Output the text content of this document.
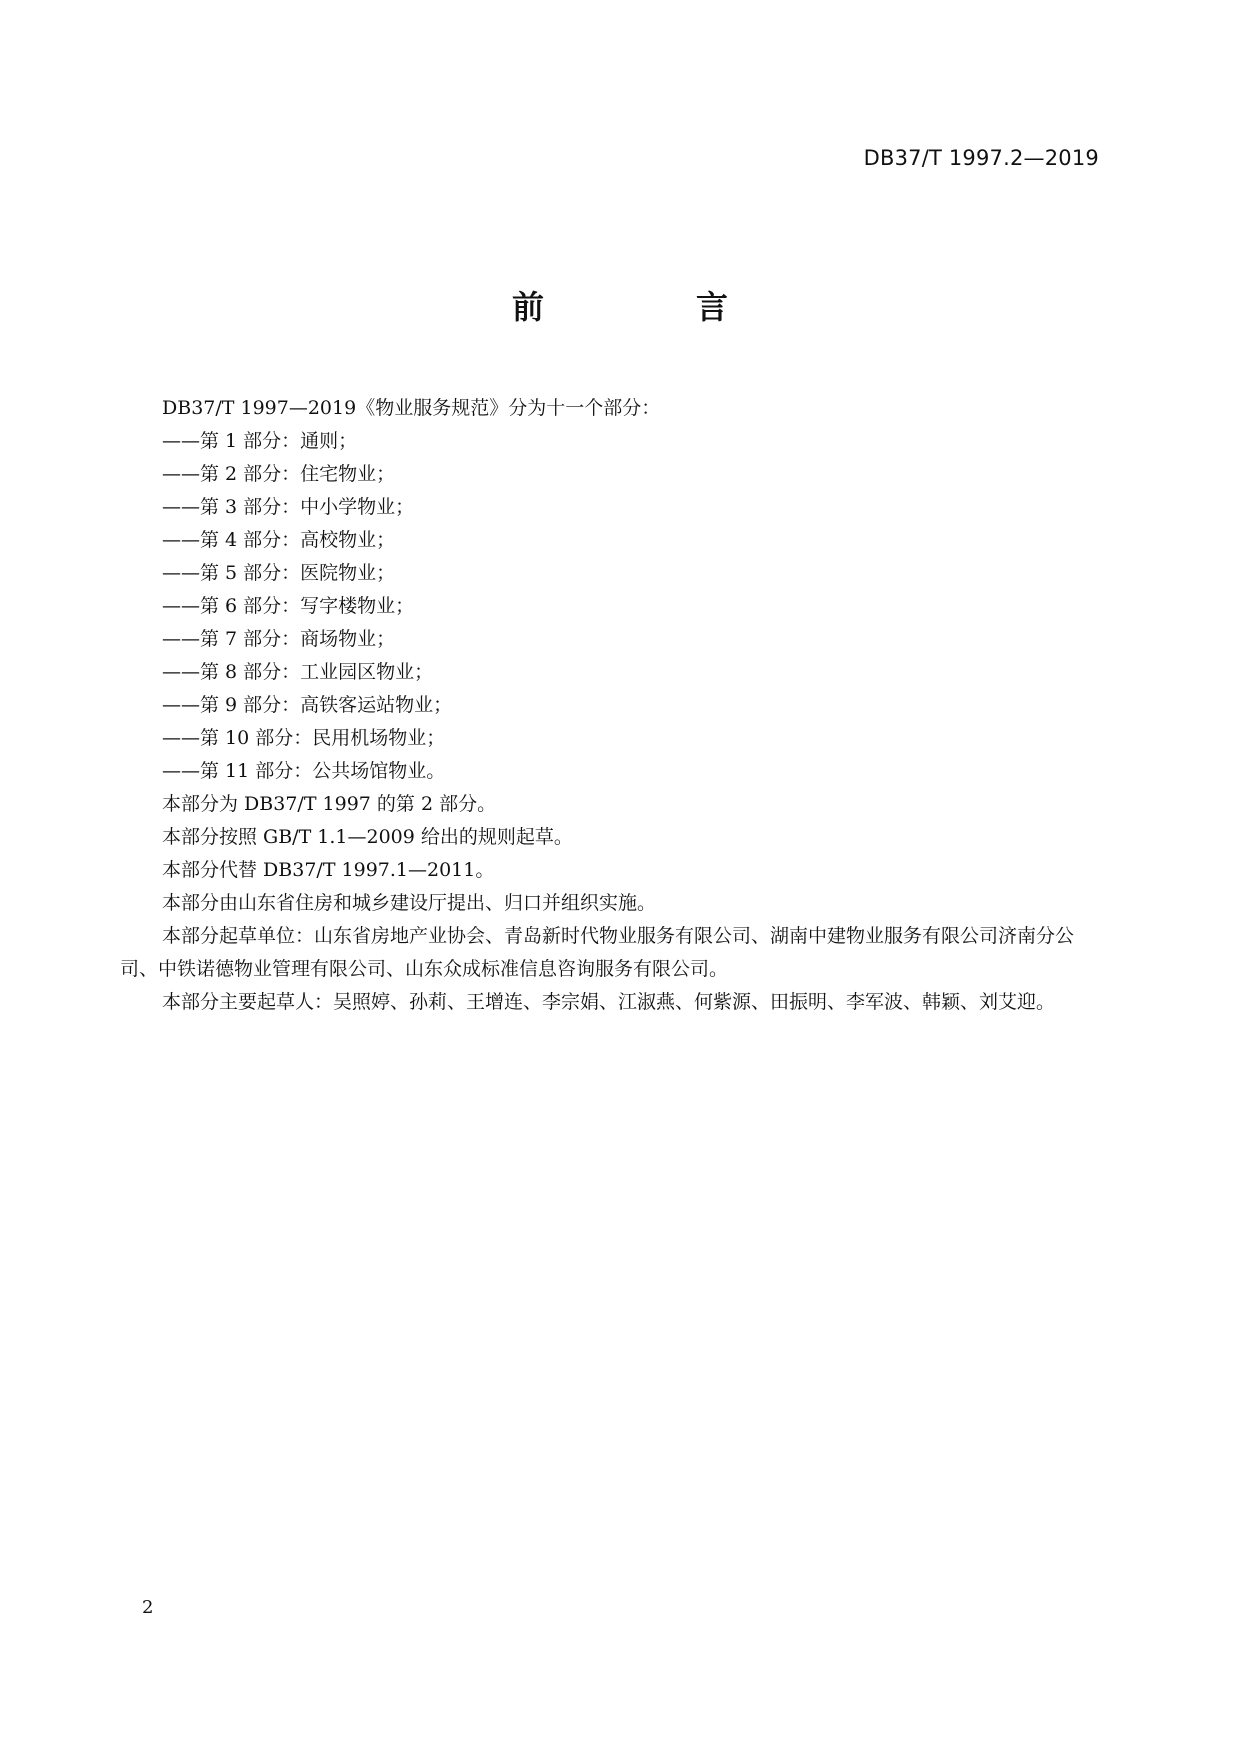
DB37/T 1997.2—2019
前　言

DB37/T 1997—2019《物业服务规范》分为十一个部分：

——第 1 部分：通则；
——第 2 部分：住宅物业；
——第 3 部分：中小学物业；
——第 4 部分：高校物业；
——第 5 部分：医院物业；
——第 6 部分：写字楼物业；
——第 7 部分：商场物业；
——第 8 部分：工业园区物业；
——第 9 部分：高铁客运站物业；
——第 10 部分：民用机场物业；
——第 11 部分：公共场馆物业。

本部分为 DB37/T 1997 的第 2 部分。

本部分按照 GB/T 1.1—2009 给出的规则起草。

本部分代替 DB37/T 1997.1—2011。

本部分由山东省住房和城乡建设厅提出、归口并组织实施。

本部分起草单位：山东省房地产业协会、青岛新时代物业服务有限公司、湖南中建物业服务有限公司济南分公司、中铁诺德物业管理有限公司、山东众成标准信息咨询服务有限公司。

本部分主要起草人：吴照婷、孙莉、王增连、李宗娟、江淑燕、何紫源、田振明、李军波、韩颖、刘艾迎。

2
